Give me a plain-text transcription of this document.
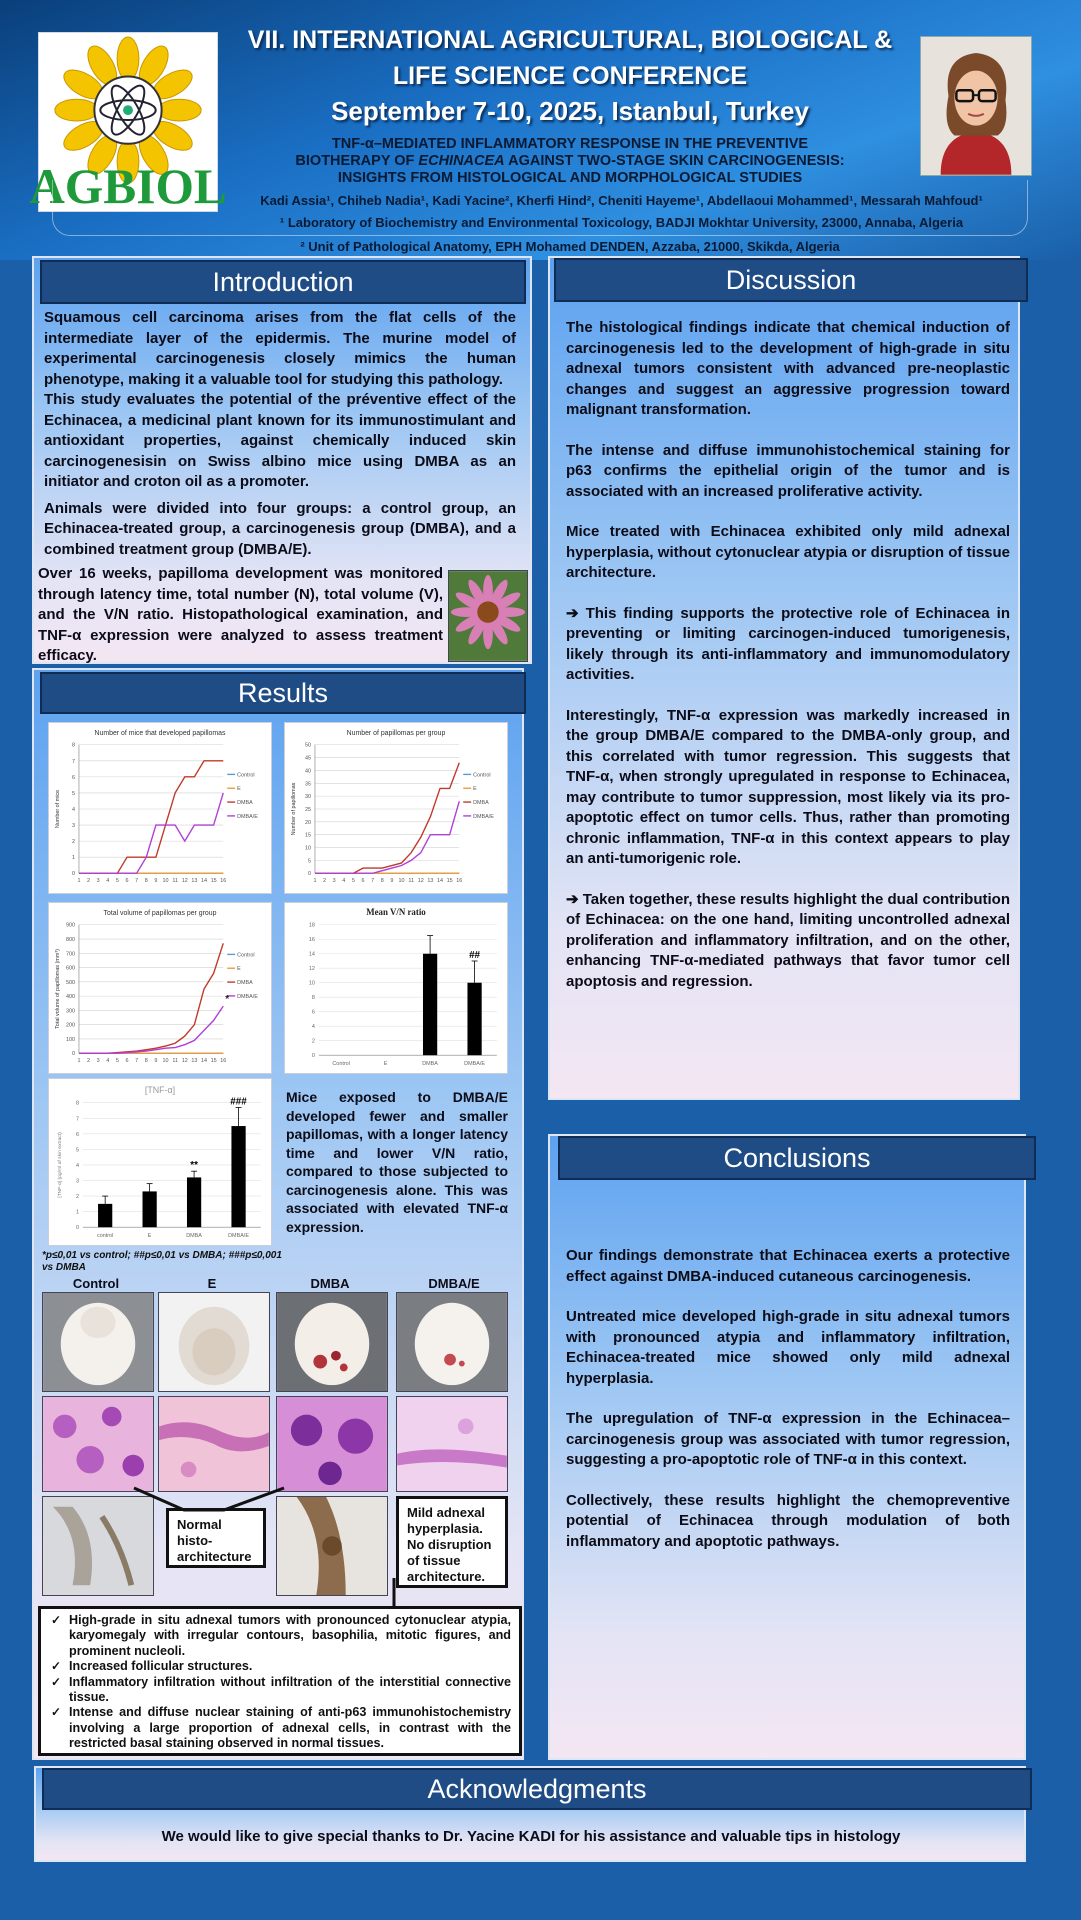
AGBIOL
VII. INTERNATIONAL AGRICULTURAL, BIOLOGICAL &
LIFE SCIENCE CONFERENCE
September 7-10, 2025, Istanbul, Turkey
TNF-α–MEDIATED INFLAMMATORY RESPONSE IN THE PREVENTIVE
BIOTHERAPY OF ECHINACEA AGAINST TWO-STAGE SKIN CARCINOGENESIS:
INSIGHTS FROM HISTOLOGICAL AND MORPHOLOGICAL STUDIES
Kadi Assia¹, Chiheb Nadia¹, Kadi Yacine², Kherfi Hind², Cheniti Hayeme¹, Abdellaoui Mohammed¹, Messarah Mahfoud¹
¹ Laboratory of Biochemistry and Environmental Toxicology, BADJI Mokhtar University, 23000, Annaba, Algeria
² Unit of Pathological Anatomy, EPH Mohamed DENDEN, Azzaba, 21000, Skikda, Algeria
Introduction
Squamous cell carcinoma arises from the flat cells of the intermediate layer of the epidermis. The murine model of experimental carcinogenesis closely mimics the human phenotype, making it a valuable tool for studying this pathology.
This study evaluates the potential of the préventive effect of the Echinacea, a medicinal plant known for its immunostimulant and antioxidant properties, against chemically induced skin carcinogenesisin on Swiss albino mice using DMBA as an initiator and croton oil as a promoter.
Animals were divided into four groups: a control group, an Echinacea-treated group, a carcinogenesis group (DMBA), and a combined treatment group (DMBA/E).
Over 16 weeks, papilloma development was monitored through latency time, total number (N), total volume (V), and the V/N ratio. Histopathological examination, and TNF-α expression were analyzed to assess treatment efficacy.
Results
Number of mice that developed papillomas
0
1
2
3
4
5
6
7
8
1 2 3 4 5 6 7 8 9 10 11 12 13 14 15 16
Number of mice
Control
E
DMBA
DMBA/E
Number of papillomas per group
0
5
10
15
20
25
30
35
40
45
50
1 2 3 4 5 6 7 8 9 10 11 12 13 14 15 16
Number of papillomas
Control
E
DMBA
DMBA/E
Total volume of papillomas per group
0
100
200
300
400
500
600
700
800
900
1 2 3 4 5 6 7 8 9 10 11 12 13 14 15 16
Total volume of papillomas (mm³)	Control
E
DMBA
DMBA/E
*
Mean V/N ratio
0
2
4
6
8
10
12
14
16
18
Control	E	DMBA
##
DMBA/E
[TNF-α]
0
1
2
3
4
5
6
7
8
[TNF-α] (pg/ml of skin extract)
control	E
**
DMBA
###
DMBA/E
Mice exposed to DMBA/E developed fewer and smaller papillomas, with a longer latency time and lower V/N ratio, compared to those subjected to carcinogenesis alone. This was associated with elevated TNF-α expression.
*p≤0,01 vs control; ##p≤0,01 vs DMBA; ###p≤0,001 vs DMBA
Control	E	DMBA	DMBA/E
Normal histo-architecture
Mild adnexal hyperplasia. No disruption of tissue architecture.
✓ High-grade in situ adnexal tumors with pronounced cytonuclear atypia, karyomegaly with irregular contours, basophilia, mitotic figures, and prominent nucleoli.
✓ Increased follicular structures.
✓ Inflammatory infiltration without infiltration of the interstitial connective tissue.
✓ Intense and diffuse nuclear staining of anti-p63 immunohistochemistry involving a large proportion of adnexal cells, in contrast with the restricted basal staining observed in normal tissues.
Discussion

The histological findings indicate that chemical induction of carcinogenesis led to the development of high-grade in situ adnexal tumors consistent with advanced pre-neoplastic changes and suggest an aggressive progression toward malignant transformation.

The intense and diffuse immunohistochemical staining for p63 confirms the epithelial origin of the tumor and is associated with an increased proliferative activity.

Mice treated with Echinacea exhibited only mild adnexal hyperplasia, without cytonuclear atypia or disruption of tissue architecture.

➔ This finding supports the protective role of Echinacea in preventing or limiting carcinogen-induced tumorigenesis, likely through its anti-inflammatory and immunomodulatory activities.

Interestingly, TNF-α expression was markedly increased in the group DMBA/E compared to the DMBA-only group, and this correlated with tumor regression. This suggests that TNF-α, when strongly upregulated in response to Echinacea, may contribute to tumor suppression, most likely via its pro-apoptotic effect on tumor cells. Thus, rather than promoting chronic inflammation, TNF-α in this context appears to play an anti-tumorigenic role.

➔ Taken together, these results highlight the dual contribution of Echinacea: on the one hand, limiting uncontrolled adnexal proliferation and inflammatory infiltration, and on the other, enhancing TNF-α-mediated pathways that favor tumor cell apoptosis and regression.

Conclusions

Our findings demonstrate that Echinacea exerts a protective effect against DMBA-induced cutaneous carcinogenesis.

Untreated mice developed high-grade in situ adnexal tumors with pronounced atypia and inflammatory infiltration, Echinacea-treated mice showed only mild adnexal hyperplasia.

The upregulation of TNF-α expression in the Echinacea–carcinogenesis group was associated with tumor regression, suggesting a pro-apoptotic role of TNF-α in this context.

Collectively, these results highlight the chemopreventive potential of Echinacea through modulation of both inflammatory and apoptotic pathways.

Acknowledgments
We would like to give special thanks to Dr. Yacine KADI for his assistance and valuable tips in histology
